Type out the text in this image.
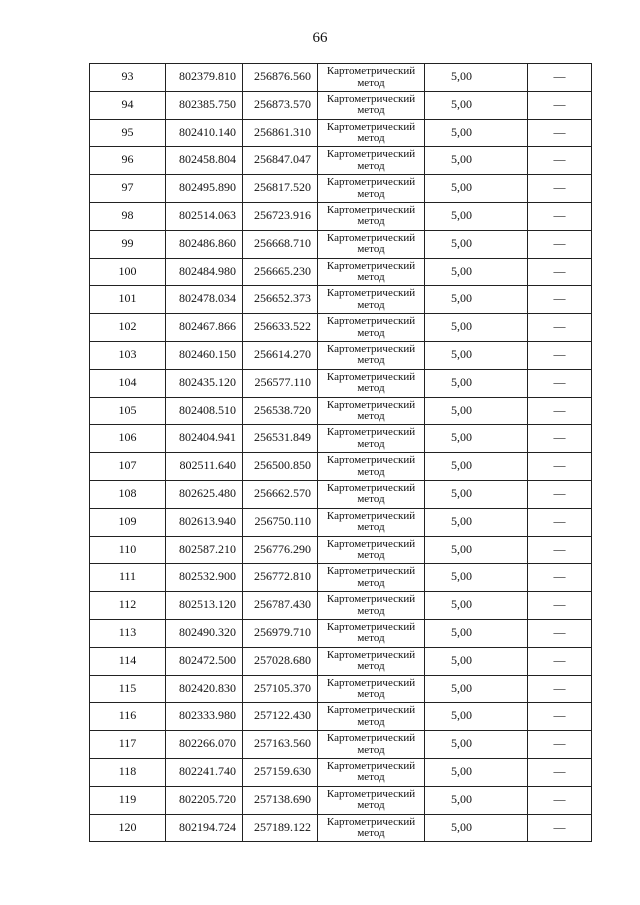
66
93	802379.810	256876.560	Картометрический метод	5,00	—
94	802385.750	256873.570	Картометрический метод	5,00	—
95	802410.140	256861.310	Картометрический метод	5,00	—
96	802458.804	256847.047	Картометрический метод	5,00	—
97	802495.890	256817.520	Картометрический метод	5,00	—
98	802514.063	256723.916	Картометрический метод	5,00	—
99	802486.860	256668.710	Картометрический метод	5,00	—
100	802484.980	256665.230	Картометрический метод	5,00	—
101	802478.034	256652.373	Картометрический метод	5,00	—
102	802467.866	256633.522	Картометрический метод	5,00	—
103	802460.150	256614.270	Картометрический метод	5,00	—
104	802435.120	256577.110	Картометрический метод	5,00	—
105	802408.510	256538.720	Картометрический метод	5,00	—
106	802404.941	256531.849	Картометрический метод	5,00	—
107	802511.640	256500.850	Картометрический метод	5,00	—
108	802625.480	256662.570	Картометрический метод	5,00	—
109	802613.940	256750.110	Картометрический метод	5,00	—
110	802587.210	256776.290	Картометрический метод	5,00	—
111	802532.900	256772.810	Картометрический метод	5,00	—
112	802513.120	256787.430	Картометрический метод	5,00	—
113	802490.320	256979.710	Картометрический метод	5,00	—
114	802472.500	257028.680	Картометрический метод	5,00	—
115	802420.830	257105.370	Картометрический метод	5,00	—
116	802333.980	257122.430	Картометрический метод	5,00	—
117	802266.070	257163.560	Картометрический метод	5,00	—
118	802241.740	257159.630	Картометрический метод	5,00	—
119	802205.720	257138.690	Картометрический метод	5,00	—
120	802194.724	257189.122	Картометрический метод	5,00	—
